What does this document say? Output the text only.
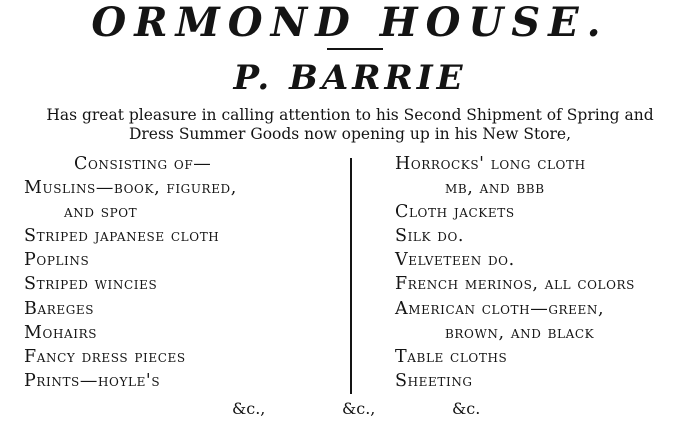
ORMOND HOUSE.
P. BARRIE
Has great pleasure in calling attention to his Second Shipment of Spring and
Dress Summer Goods now opening up in his New Store,
Consisting of—
Muslins—book, figured,
and spot
Striped japanese cloth
Poplins
Striped wincies
Bareges
Mohairs
Fancy dress pieces
Prints—hoyle's
Horrocks' long cloth
mb, and bbb
Cloth jackets
Silk do.
Velveteen do.
French merinos, all colors
American cloth—green,
brown, and black
Table cloths
Sheeting
&c.,	&c.,	&c.
